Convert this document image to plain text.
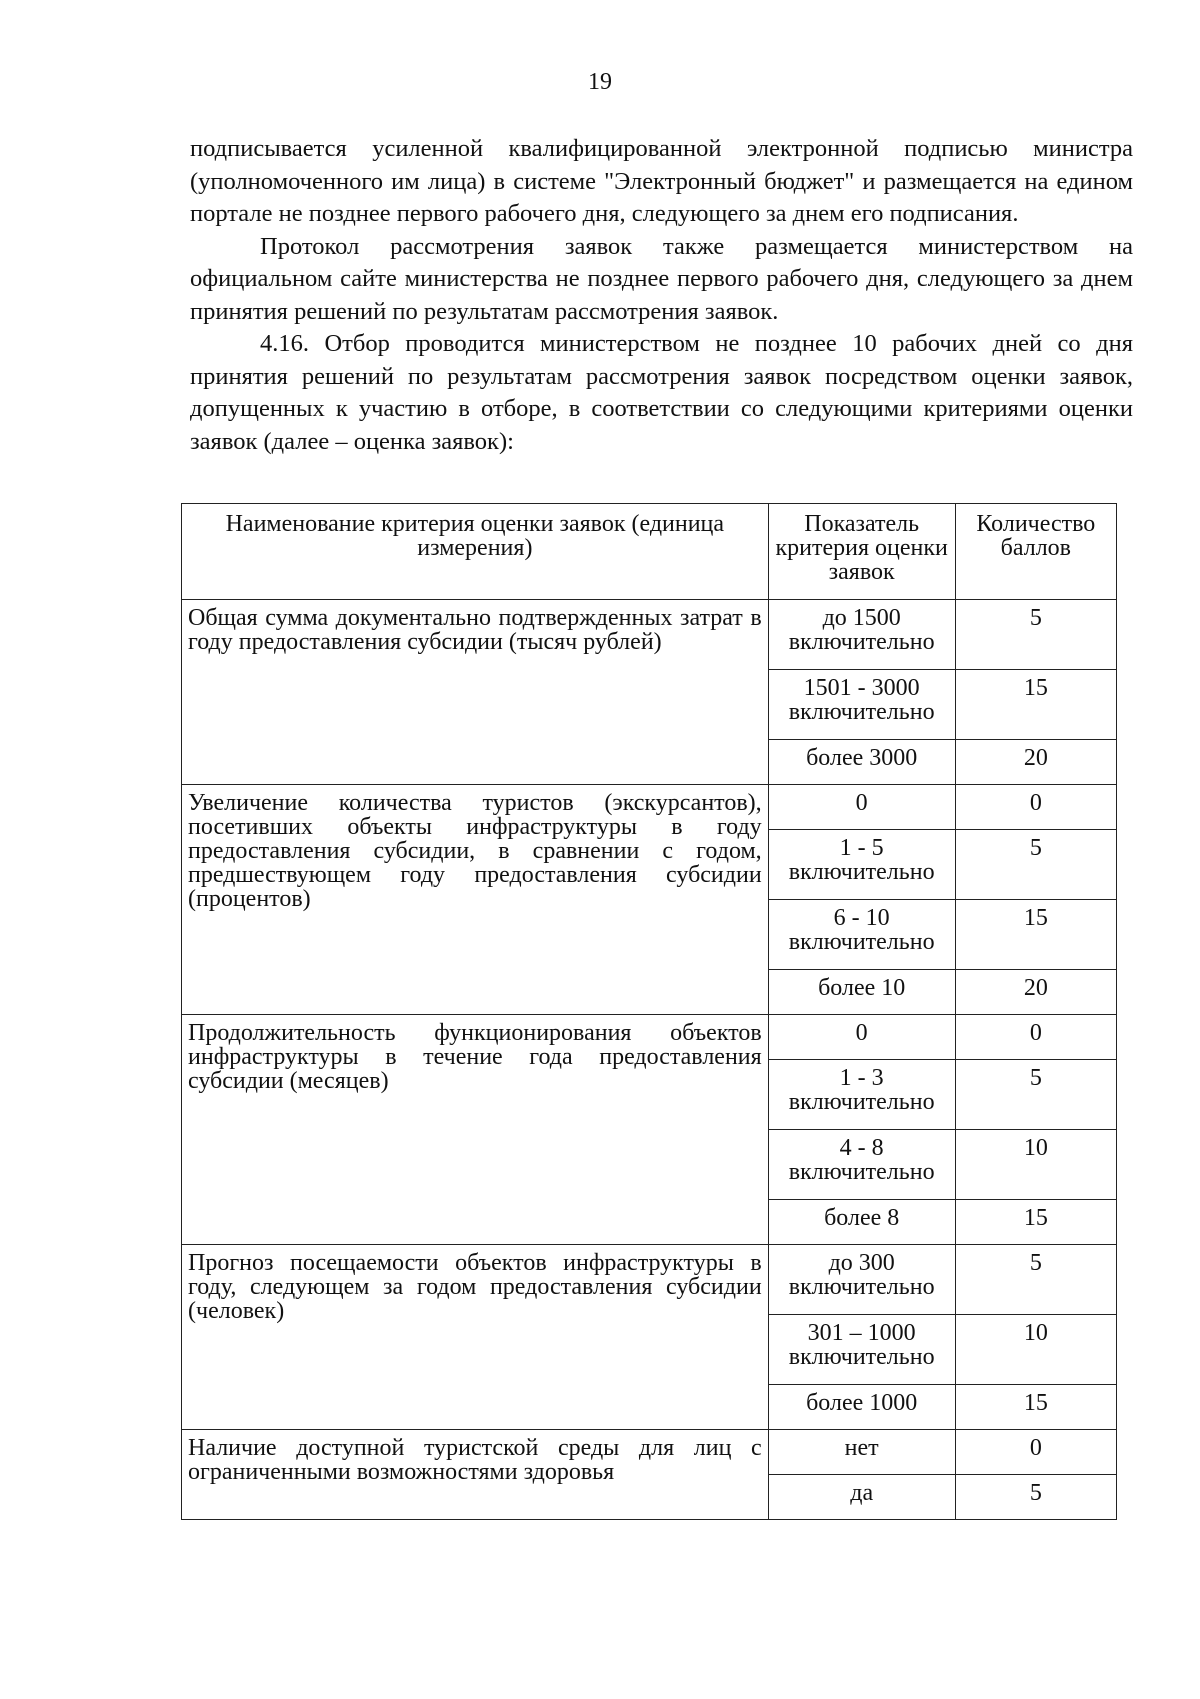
19

подписывается усиленной квалифицированной электронной подписью министра (уполномоченного им лица) в системе "Электронный бюджет" и размещается на едином портале не позднее первого рабочего дня, следующего за днем его подписания.

Протокол рассмотрения заявок также размещается министерством на официальном сайте министерства не позднее первого рабочего дня, следующего за днем принятия решений по результатам рассмотрения заявок.

4.16. Отбор проводится министерством не позднее 10 рабочих дней со дня принятия решений по результатам рассмотрения заявок посредством оценки заявок, допущенных к участию в отборе, в соответствии со следующими критериями оценки заявок (далее – оценка заявок):

Наименование критерия оценки заявок (единица измерения)	Показатель критерия оценки заявок	Количество баллов
Общая сумма документально подтвержденных затрат в году предоставления субсидии (тысяч рублей)	до 1500 включительно	5
	1501 - 3000 включительно	15
	более 3000	20
Увеличение количества туристов (экскурсантов), посетивших объекты инфраструктуры в году предоставления субсидии, в сравнении с годом, предшествующем году предоставления субсидии (процентов)	0	0
	1 - 5 включительно	5
	6 - 10 включительно	15
	более 10	20
Продолжительность функционирования объектов инфраструктуры в течение года предоставления субсидии (месяцев)	0	0
	1 - 3 включительно	5
	4 - 8 включительно	10
	более 8	15
Прогноз посещаемости объектов инфраструктуры в году, следующем за годом предоставления субсидии (человек)	до 300 включительно	5
	301 – 1000 включительно	10
	более 1000	15
Наличие доступной туристской среды для лиц с ограниченными возможностями здоровья	нет	0
	да	5
